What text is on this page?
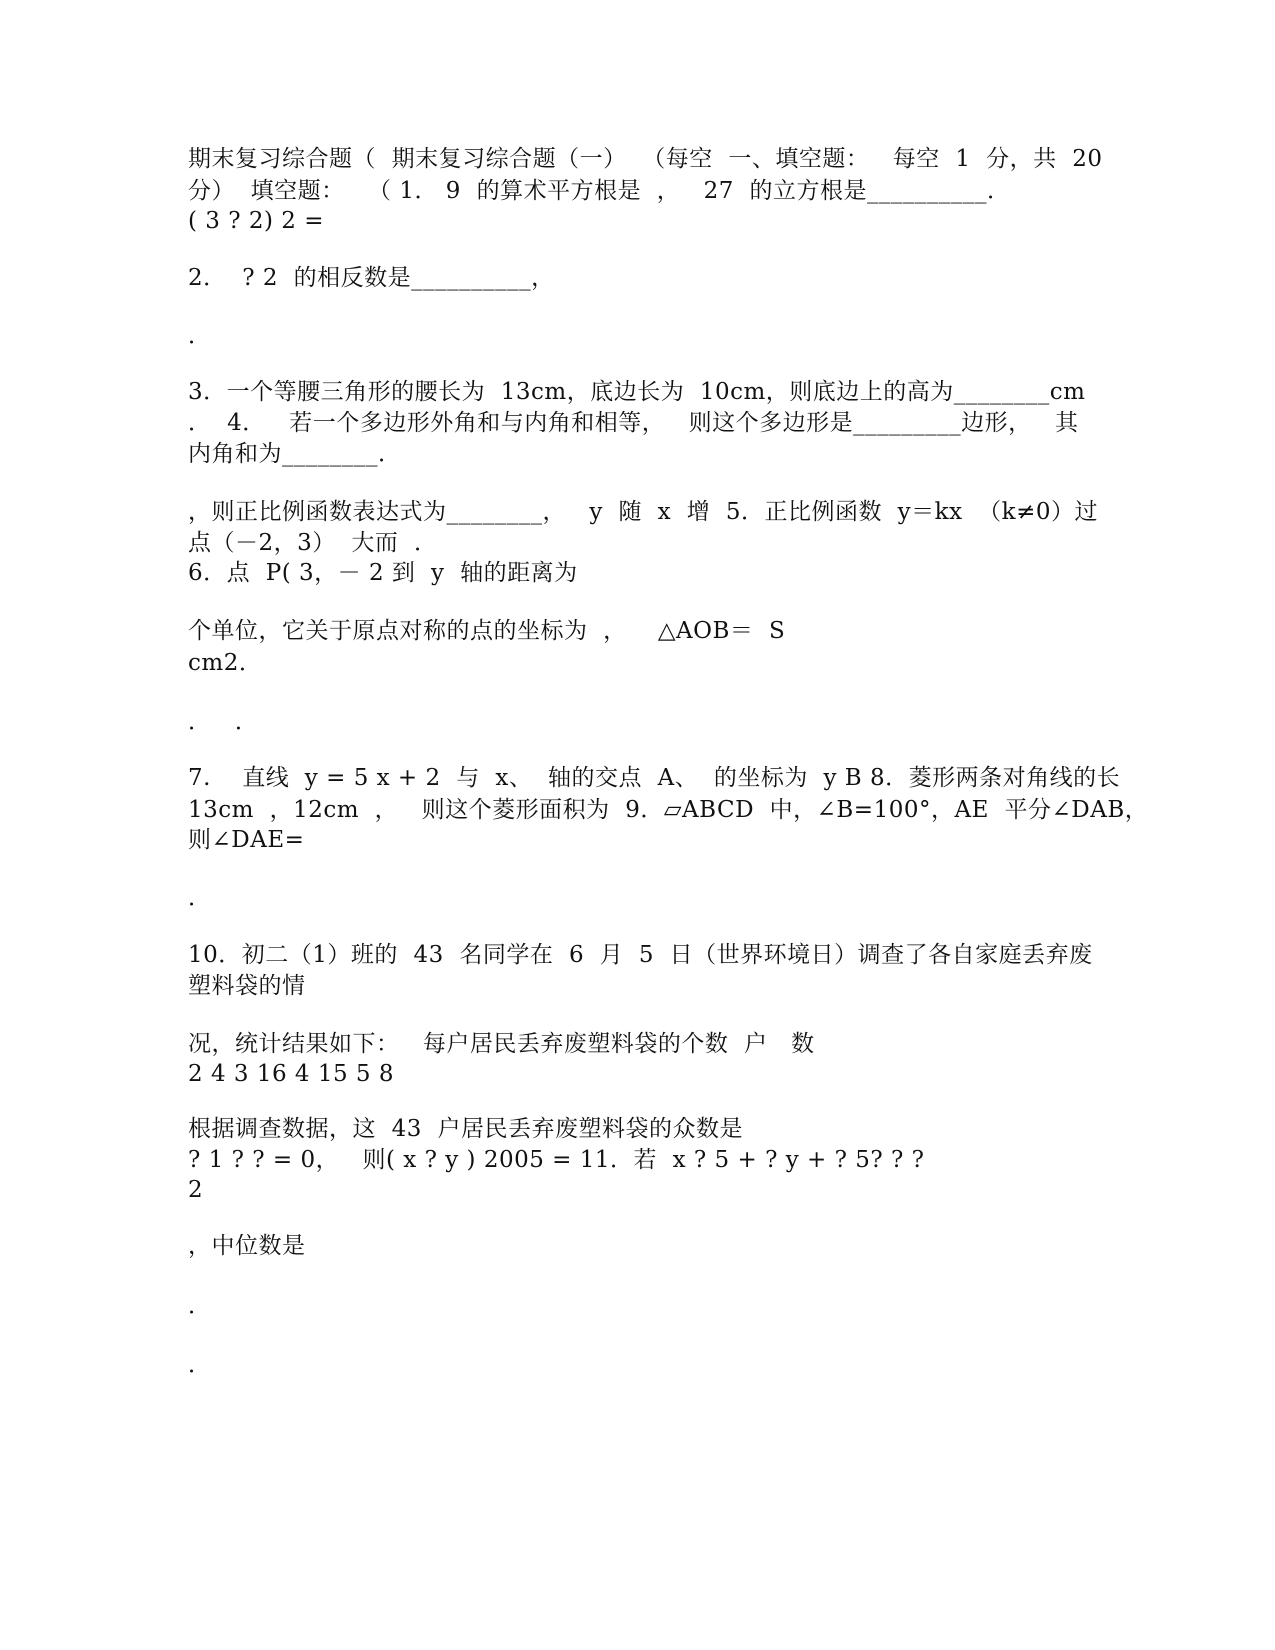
期末复习综合题（  期末复习综合题（一）  （每空  一、填空题：   每空  1  分，共  20
分）  填空题：   （ 1． 9  的算术平方根是  ，   27  的立方根是__________．
( 3 ? 2) 2 =
2．  ? 2  的相反数是__________，
．
3．一个等腰三角形的腰长为  13cm，底边长为  10cm，则底边上的高为________cm
．  4．   若一个多边形外角和与内角和相等，   则这个多边形是_________边形，   其
内角和为________．
，则正比例函数表达式为________，   y  随  x  增  5．正比例函数  y＝kx  （k≠0）过
点（－2，3）  大而  ．
6．点  P( 3，－ 2 到  y  轴的距离为
个单位，它关于原点对称的点的坐标为  ，    △AOB＝  S
cm2．
．   ．
7.    直线  y = 5 x + 2  与  x、  轴的交点  A、  的坐标为  y B 8．菱形两条对角线的长
13cm  ，12cm  ，   则这个菱形面积为  9．▱ABCD  中，∠B=100°，AE  平分∠DAB，
则∠DAE=
．
10．初二（1）班的  43  名同学在  6  月  5  日（世界环境日）调查了各自家庭丢弃废
塑料袋的情
况，统计结果如下：   每户居民丢弃废塑料袋的个数  户   数
2 4 3 16 4 15 5 8
根据调查数据，这  43  户居民丢弃废塑料袋的众数是
? 1 ? ? = 0，   则( x ? y ) 2005 = 11．若  x ? 5 + ? y + ? 5? ? ?
2
，中位数是
．
．
